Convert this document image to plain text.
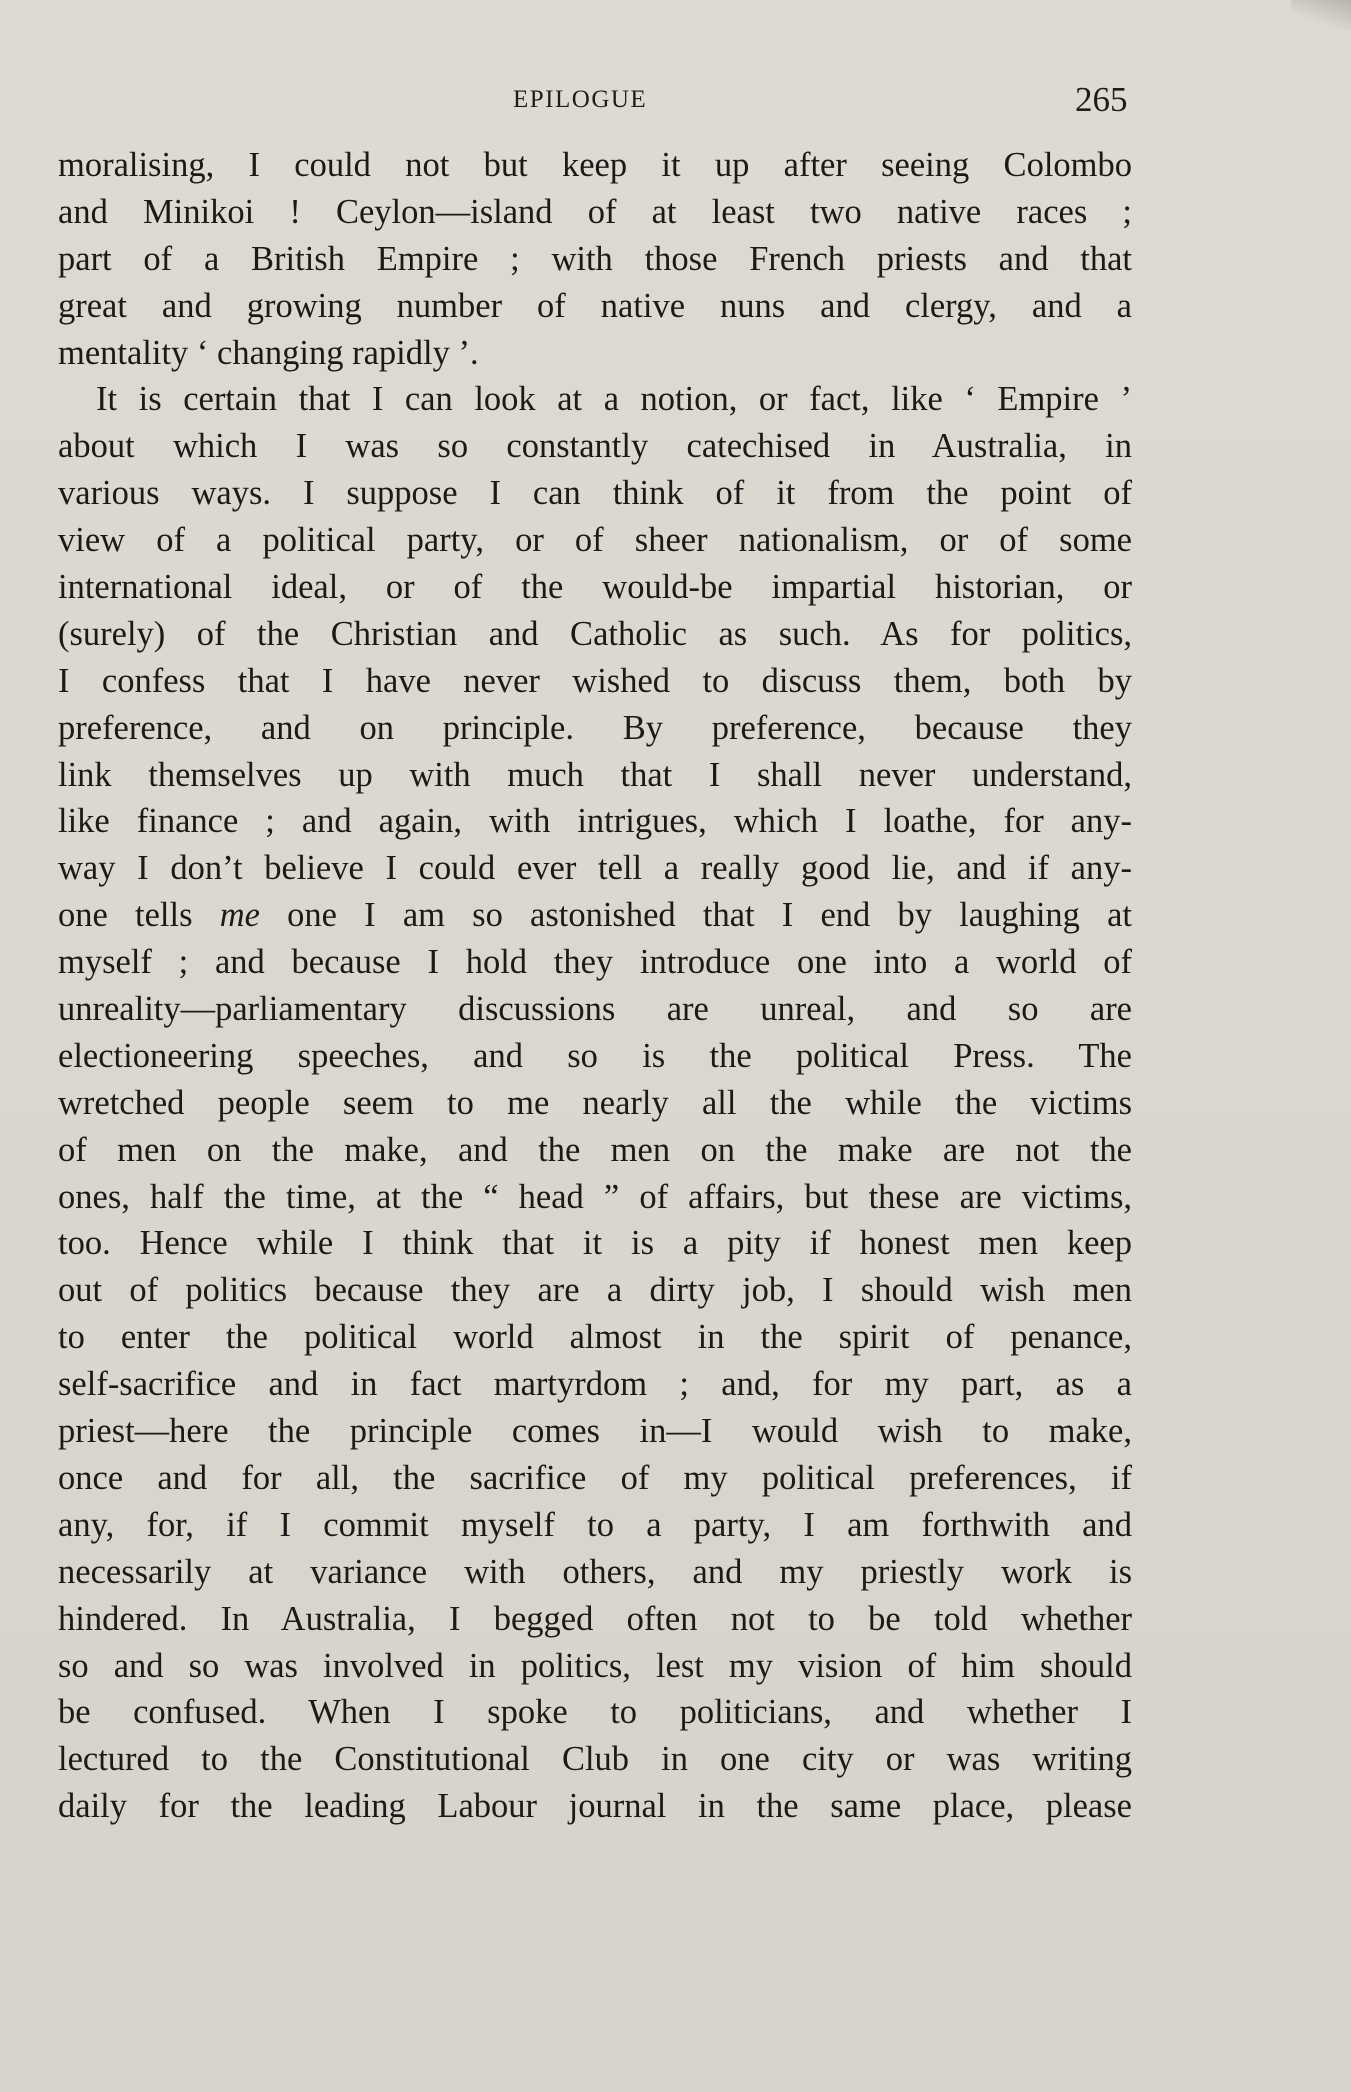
EPILOGUE	265
moralising, I could not but keep it up after seeing Colombo
and Minikoi ! Ceylon—island of at least two native races ;
part of a British Empire ; with those French priests and that
great and growing number of native nuns and clergy, and a
mentality ‘ changing rapidly ’.
It is certain that I can look at a notion, or fact, like ‘ Empire ’
about which I was so constantly catechised in Australia, in
various ways. I suppose I can think of it from the point of
view of a political party, or of sheer nationalism, or of some
international ideal, or of the would-be impartial historian, or
(surely) of the Christian and Catholic as such. As for politics,
I confess that I have never wished to discuss them, both by
preference, and on principle. By preference, because they
link themselves up with much that I shall never understand,
like finance ; and again, with intrigues, which I loathe, for any-
way I don’t believe I could ever tell a really good lie, and if any-
one tells me one I am so astonished that I end by laughing at
myself ; and because I hold they introduce one into a world of
unreality—parliamentary discussions are unreal, and so are
electioneering speeches, and so is the political Press. The
wretched people seem to me nearly all the while the victims
of men on the make, and the men on the make are not the
ones, half the time, at the “ head ” of affairs, but these are victims,
too. Hence while I think that it is a pity if honest men keep
out of politics because they are a dirty job, I should wish men
to enter the political world almost in the spirit of penance,
self-sacrifice and in fact martyrdom ; and, for my part, as a
priest—here the principle comes in—I would wish to make,
once and for all, the sacrifice of my political preferences, if
any, for, if I commit myself to a party, I am forthwith and
necessarily at variance with others, and my priestly work is
hindered. In Australia, I begged often not to be told whether
so and so was involved in politics, lest my vision of him should
be confused. When I spoke to politicians, and whether I
lectured to the Constitutional Club in one city or was writing
daily for the leading Labour journal in the same place, please
